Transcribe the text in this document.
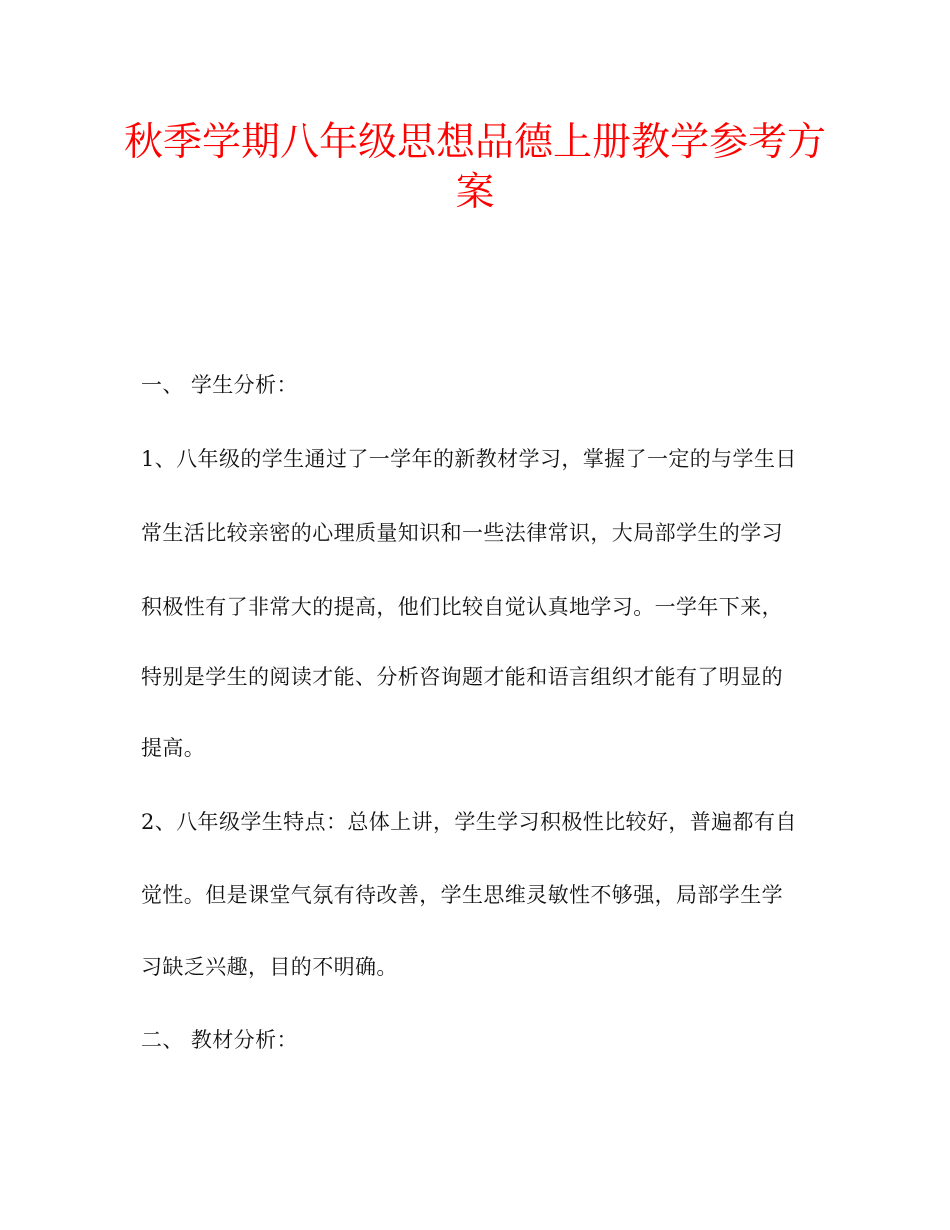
秋季学期八年级思想品德上册教学参考方
案
一、 学生分析：
1、八年级的学生通过了一学年的新教材学习，掌握了一定的与学生日
常生活比较亲密的心理质量知识和一些法律常识，大局部学生的学习
积极性有了非常大的提高，他们比较自觉认真地学习。一学年下来，
特别是学生的阅读才能、分析咨询题才能和语言组织才能有了明显的
提高。
2、八年级学生特点：总体上讲，学生学习积极性比较好，普遍都有自
觉性。但是课堂气氛有待改善，学生思维灵敏性不够强，局部学生学
习缺乏兴趣，目的不明确。
二、 教材分析：
